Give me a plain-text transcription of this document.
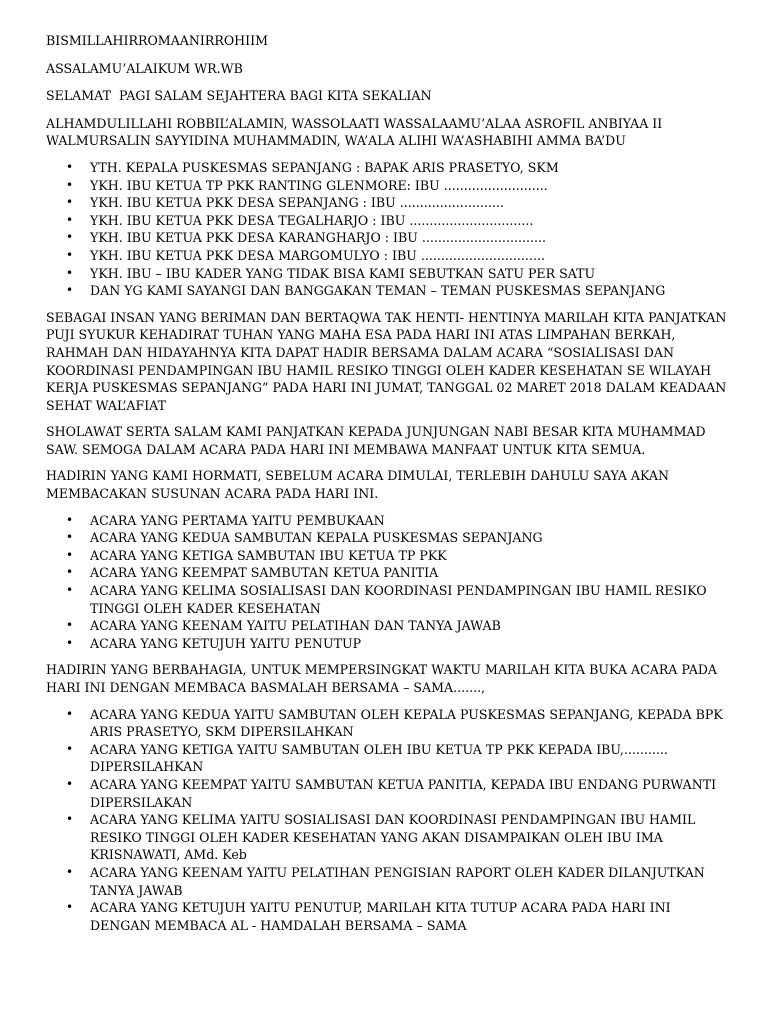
BISMILLAHIRROMAANIRROHIIM

ASSALAMU’ALAIKUM WR.WB

SELAMAT  PAGI SALAM SEJAHTERA BAGI KITA SEKALIAN

ALHAMDULILLAHI ROBBIL’ALAMIN, WASSOLAATI WASSALAAMU’ALAA ASROFIL ANBIYAA II WALMURSALIN SAYYIDINA MUHAMMADIN, WA’ALA ALIHI WA’ASHABIHI AMMA BA’DU

• YTH. KEPALA PUSKESMAS SEPANJANG : BAPAK ARIS PRASETYO, SKM
• YKH. IBU KETUA TP PKK RANTING GLENMORE: IBU ..........................
• YKH. IBU KETUA PKK DESA SEPANJANG : IBU ..........................
• YKH. IBU KETUA PKK DESA TEGALHARJO : IBU ...............................
• YKH. IBU KETUA PKK DESA KARANGHARJO : IBU ...............................
• YKH. IBU KETUA PKK DESA MARGOMULYO : IBU ...............................
• YKH. IBU – IBU KADER YANG TIDAK BISA KAMI SEBUTKAN SATU PER SATU
• DAN YG KAMI SAYANGI DAN BANGGAKAN TEMAN – TEMAN PUSKESMAS SEPANJANG

SEBAGAI INSAN YANG BERIMAN DAN BERTAQWA TAK HENTI- HENTINYA MARILAH KITA PANJATKAN PUJI SYUKUR KEHADIRAT TUHAN YANG MAHA ESA PADA HARI INI ATAS LIMPAHAN BERKAH, RAHMAH DAN HIDAYAHNYA KITA DAPAT HADIR BERSAMA DALAM ACARA “SOSIALISASI DAN KOORDINASI PENDAMPINGAN IBU HAMIL RESIKO TINGGI OLEH KADER KESEHATAN SE WILAYAH KERJA PUSKESMAS SEPANJANG” PADA HARI INI JUMAT, TANGGAL 02 MARET 2018 DALAM KEADAAN SEHAT WAL’AFIAT

SHOLAWAT SERTA SALAM KAMI PANJATKAN KEPADA JUNJUNGAN NABI BESAR KITA MUHAMMAD SAW. SEMOGA DALAM ACARA PADA HARI INI MEMBAWA MANFAAT UNTUK KITA SEMUA.

HADIRIN YANG KAMI HORMATI, SEBELUM ACARA DIMULAI, TERLEBIH DAHULU SAYA AKAN MEMBACAKAN SUSUNAN ACARA PADA HARI INI.

• ACARA YANG PERTAMA YAITU PEMBUKAAN
• ACARA YANG KEDUA SAMBUTAN KEPALA PUSKESMAS SEPANJANG
• ACARA YANG KETIGA SAMBUTAN IBU KETUA TP PKK
• ACARA YANG KEEMPAT SAMBUTAN KETUA PANITIA
• ACARA YANG KELIMA SOSIALISASI DAN KOORDINASI PENDAMPINGAN IBU HAMIL RESIKO TINGGI OLEH KADER KESEHATAN
• ACARA YANG KEENAM YAITU PELATIHAN DAN TANYA JAWAB
• ACARA YANG KETUJUH YAITU PENUTUP

HADIRIN YANG BERBAHAGIA, UNTUK MEMPERSINGKAT WAKTU MARILAH KITA BUKA ACARA PADA HARI INI DENGAN MEMBACA BASMALAH BERSAMA – SAMA.......,

• ACARA YANG KEDUA YAITU SAMBUTAN OLEH KEPALA PUSKESMAS SEPANJANG, KEPADA BPK ARIS PRASETYO, SKM DIPERSILAHKAN
• ACARA YANG KETIGA YAITU SAMBUTAN OLEH IBU KETUA TP PKK KEPADA IBU,........... DIPERSILAHKAN
• ACARA YANG KEEMPAT YAITU SAMBUTAN KETUA PANITIA, KEPADA IBU ENDANG PURWANTI DIPERSILAKAN
• ACARA YANG KELIMA YAITU SOSIALISASI DAN KOORDINASI PENDAMPINGAN IBU HAMIL RESIKO TINGGI OLEH KADER KESEHATAN YANG AKAN DISAMPAIKAN OLEH IBU IMA KRISNAWATI, AMd. Keb
• ACARA YANG KEENAM YAITU PELATIHAN PENGISIAN RAPORT OLEH KADER DILANJUTKAN TANYA JAWAB
• ACARA YANG KETUJUH YAITU PENUTUP, MARILAH KITA TUTUP ACARA PADA HARI INI DENGAN MEMBACA AL - HAMDALAH BERSAMA – SAMA
